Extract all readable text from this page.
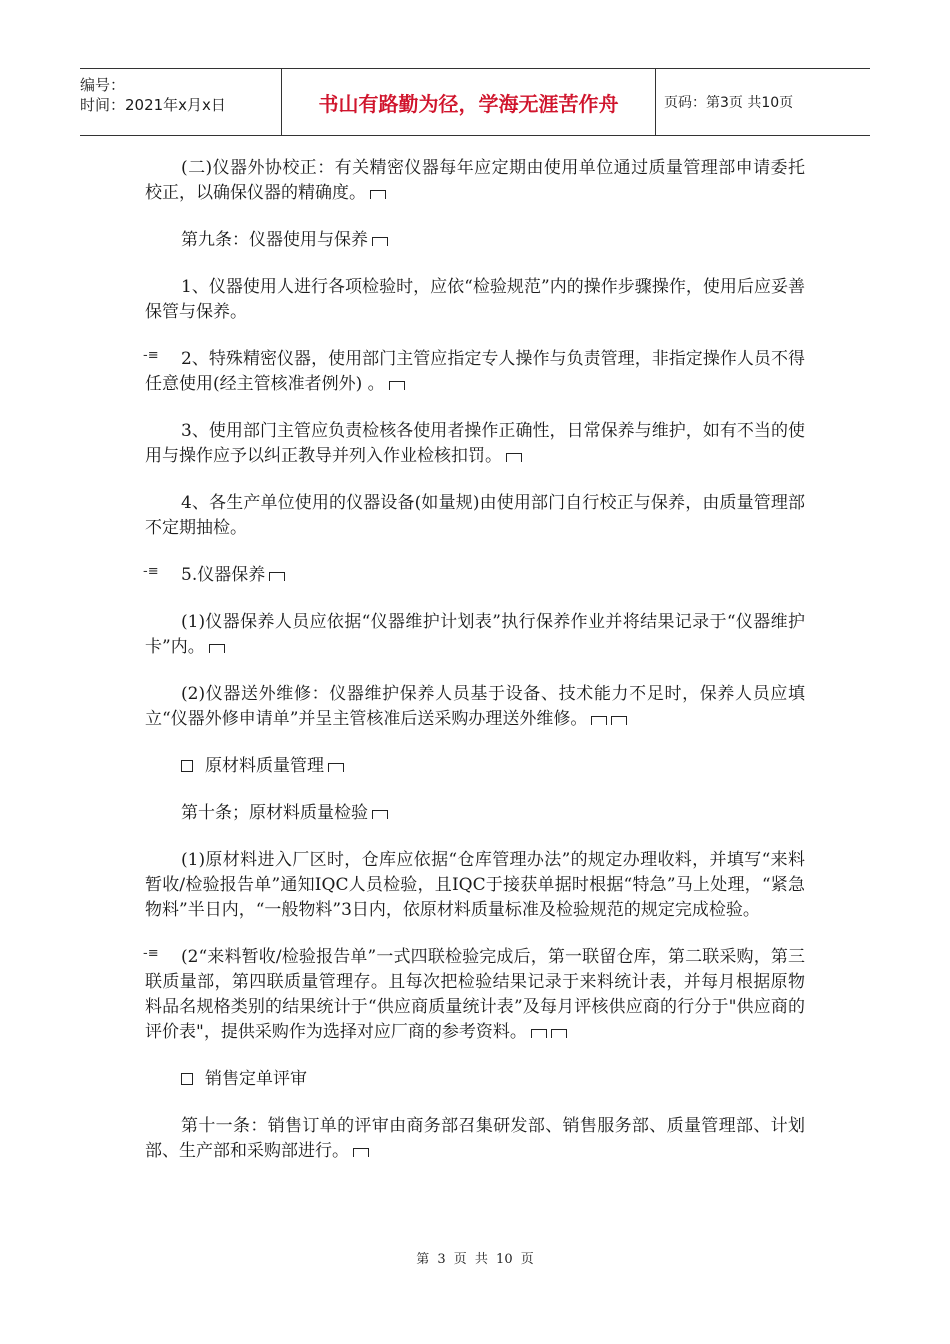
编号：
时间：2021年x月x日	书山有路勤为径，学海无涯苦作舟	页码：第3页 共10页

(二)仪器外协校正：有关精密仪器每年应定期由使用单位通过质量管理部申请委托校正，以确保仪器的精确度。

第九条：仪器使用与保养

1、仪器使用人进行各项检验时，应依“检验规范”内的操作步骤操作，使用后应妥善保管与保养。

-≡	2、特殊精密仪器，使用部门主管应指定专人操作与负责管理，非指定操作人员不得任意使用(经主管核准者例外) 。

3、使用部门主管应负责检核各使用者操作正确性，日常保养与维护，如有不当的使用与操作应予以纠正教导并列入作业检核扣罚。

4、各生产单位使用的仪器设备(如量规)由使用部门自行校正与保养，由质量管理部不定期抽检。

-≡	5.仪器保养

(1)仪器保养人员应依据“仪器维护计划表”执行保养作业并将结果记录于“仪器维护卡”内。

(2)仪器送外维修：仪器维护保养人员基于设备、技术能力不足时，保养人员应填立“仪器外修申请单”并呈主管核准后送采购办理送外维修。

原材料质量管理

第十条；原材料质量检验

(1)原材料进入厂区时，仓库应依据“仓库管理办法”的规定办理收料，并填写“来料暂收/检验报告单”通知IQC人员检验，且IQC于接获单据时根据“特急”马上处理，“紧急物料”半日内，“一般物料”3日内，依原材料质量标准及检验规范的规定完成检验。

-≡	(2“来料暂收/检验报告单”一式四联检验完成后，第一联留仓库，第二联采购，第三联质量部，第四联质量管理存。且每次把检验结果记录于来料统计表，并每月根据原物料品名规格类别的结果统计于“供应商质量统计表”及每月评核供应商的行分于"供应商的评价表"，提供采购作为选择对应厂商的参考资料。

销售定单评审

第十一条：销售订单的评审由商务部召集研发部、销售服务部、质量管理部、计划部、生产部和采购部进行。

第 3 页 共 10 页
